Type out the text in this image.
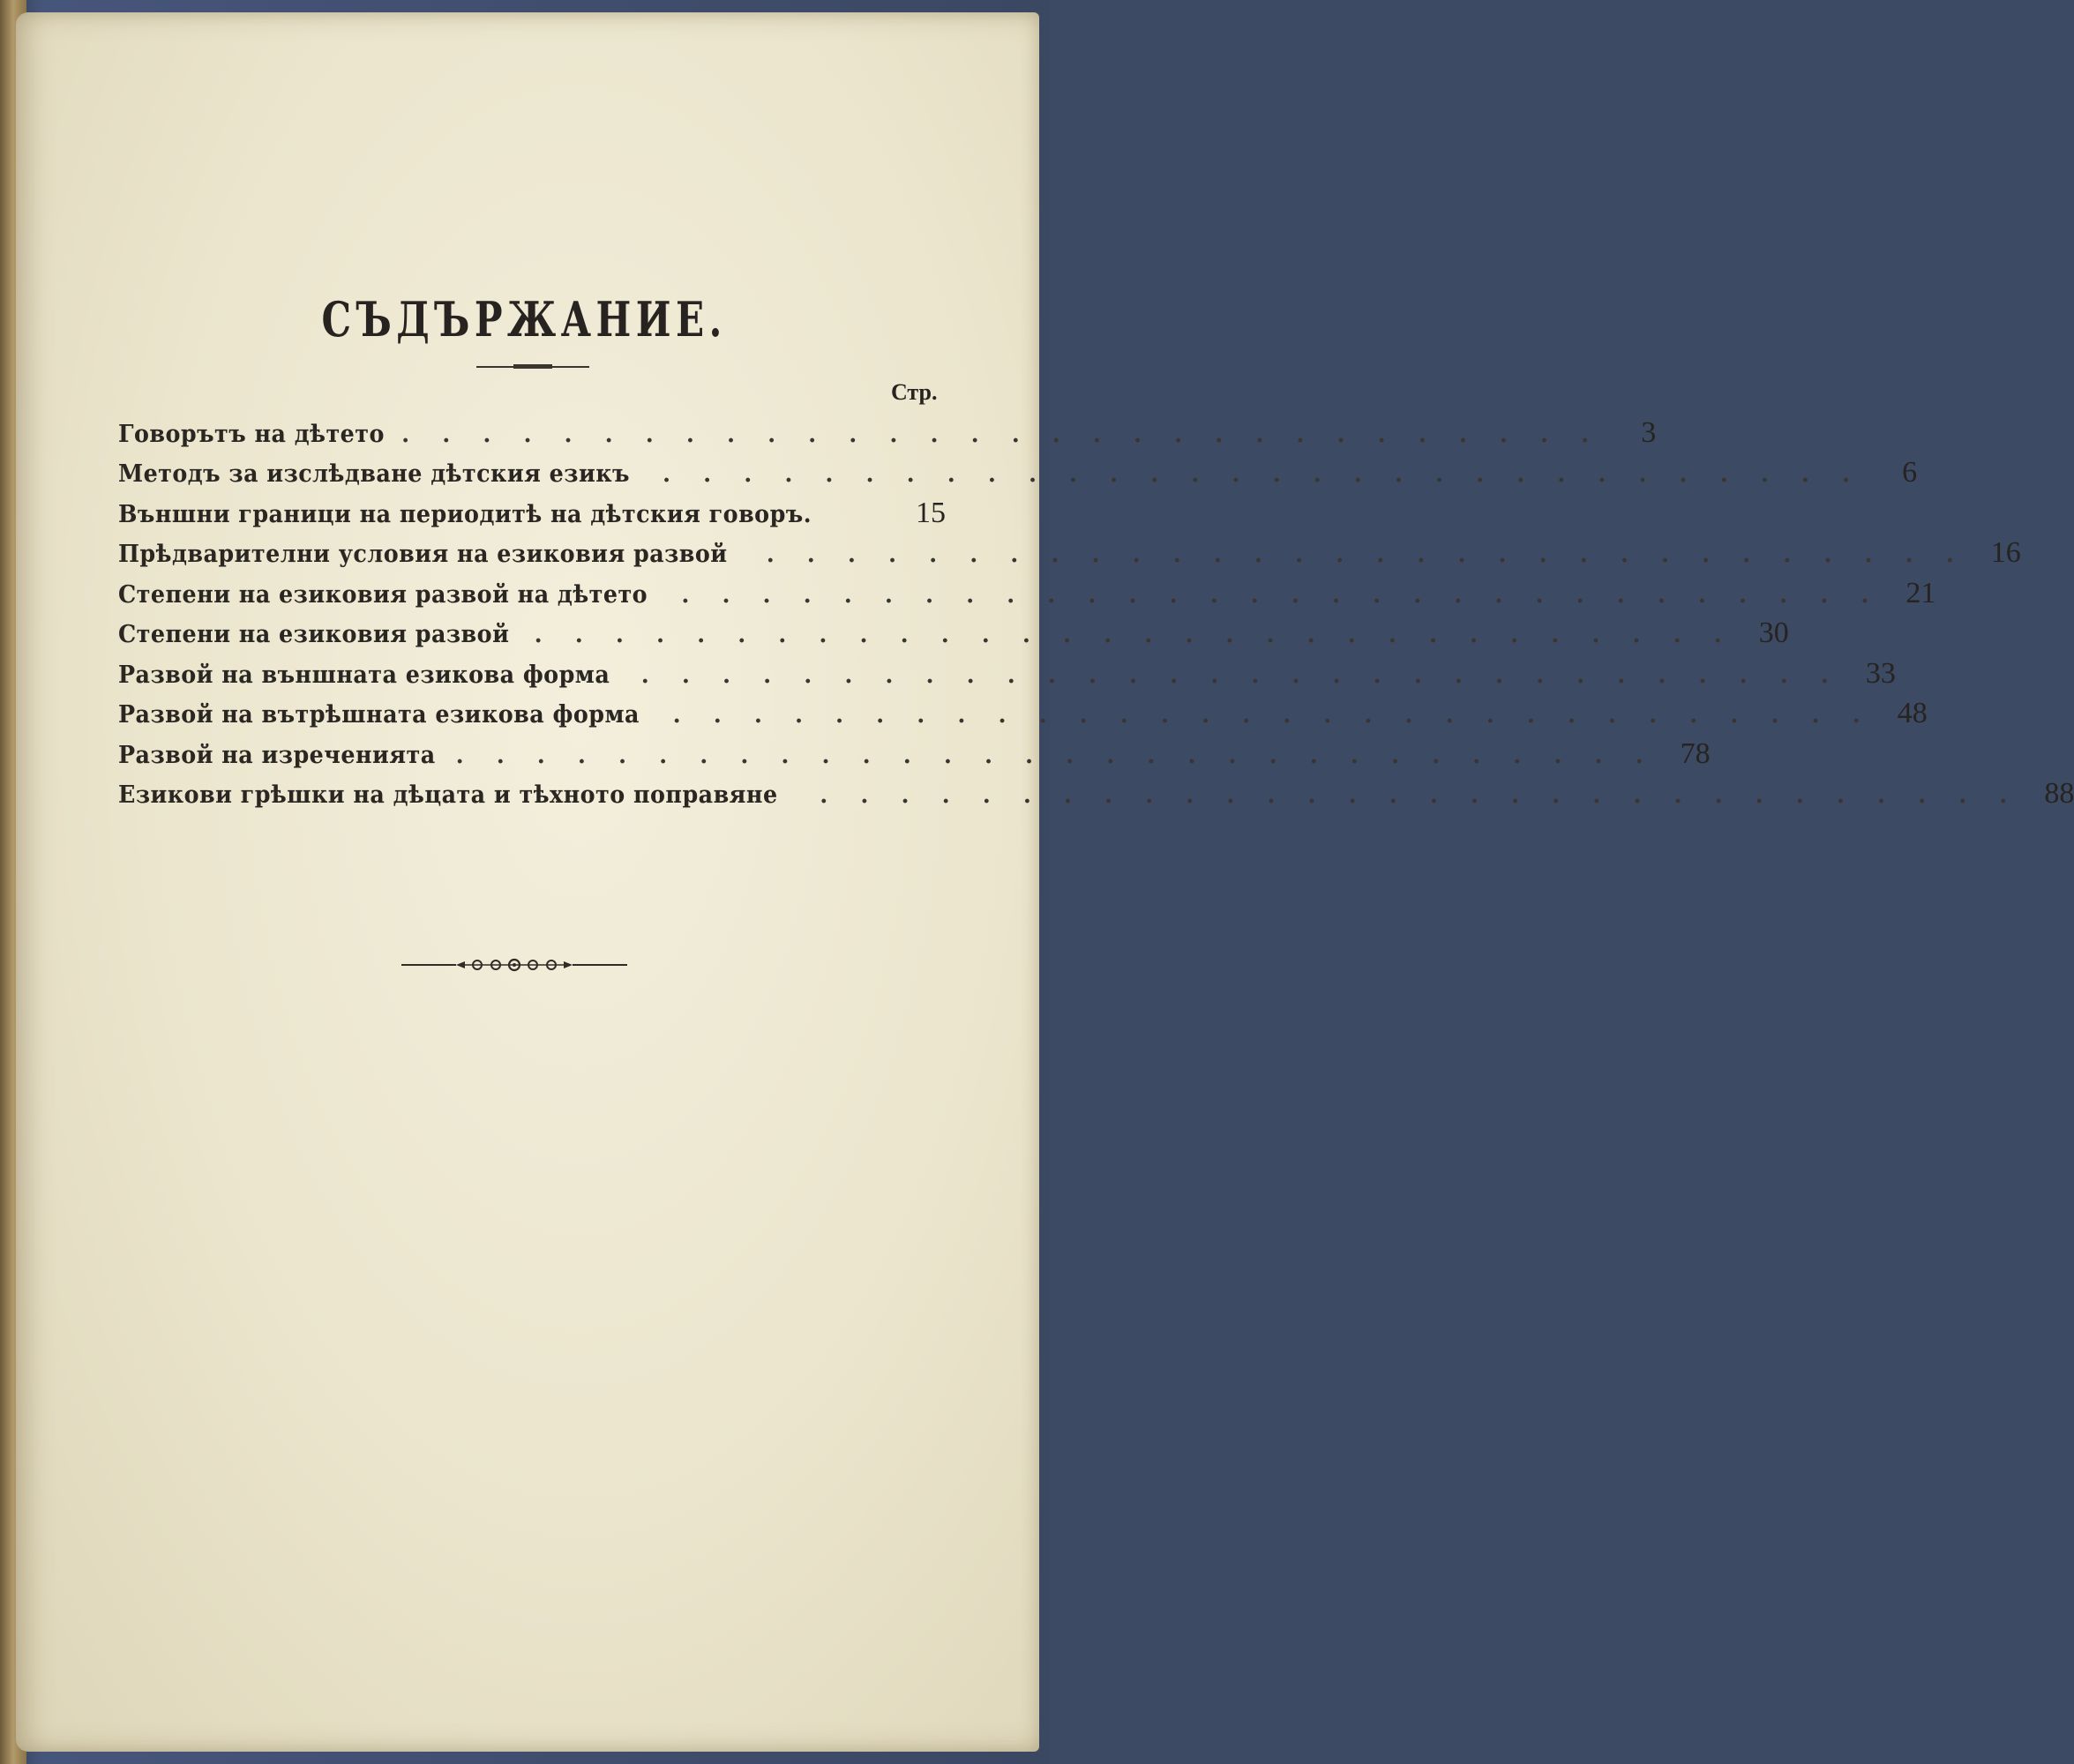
СЪДЪРЖАНИЕ.
Стр.
Говорътъ на дѣтето . . . . . . . . . . . . . . . . . . . . . . . . . . . . . .	3
Методъ за изслѣдване дѣтския езикъ . . . . . . . . . . . . . . . . . . . . . . . . . . . . . .	6
Външни граници на периодитѣ на дѣтския говоръ.	15
Прѣдварителни условия на езиковия развой . . . . . . . . . . . . . . . . . . . . . . . . . . . . . . 16
Степени на езиковия развой на дѣтето . . . . . . . . . . . . . . . . . . . . . . . . . . . . . . 21
Степени на езиковия развой . . . . . . . . . . . . . . . . . . . . . . . . . . . . . . 30
Развой на външната езикова форма . . . . . . . . . . . . . . . . . . . . . . . . . . . . . . 33
Развой на вътрѣшната езикова форма . . . . . . . . . . . . . . . . . . . . . . . . . . . . . . 48
Развой на изреченията . . . . . . . . . . . . . . . . . . . . . . . . . . . . . . 78
Езикови грѣшки на дѣцата и тѣхното поправяне . . . . . . . . . . . . . . . . . . . . . . . . . . . . . . 88
